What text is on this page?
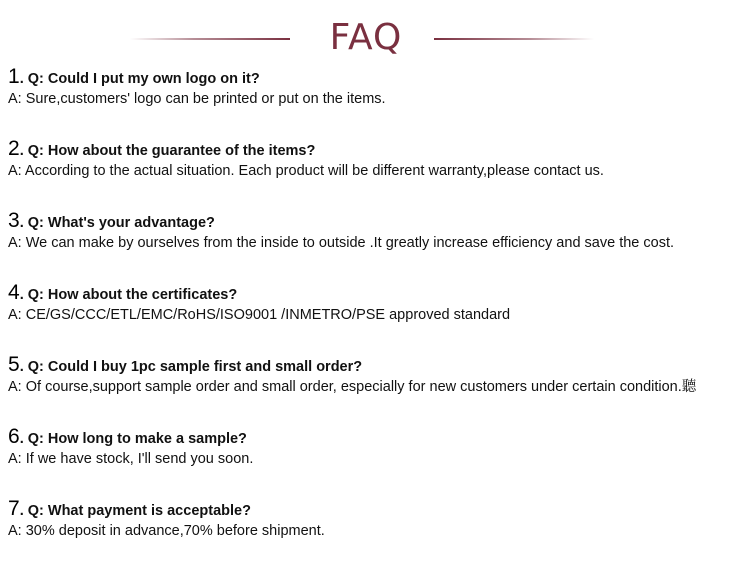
FAQ
1. Q: Could I put my own logo on it?
A: Sure,customers' logo can be printed or put on the items.
2. Q: How about the guarantee of the items?
A: According to the actual situation. Each product will be different warranty,please contact us.
3. Q: What's your advantage?
A: We can make by ourselves from the inside to outside .It greatly increase efficiency and save the cost.
4. Q: How about the certificates?
A: CE/GS/CCC/ETL/EMC/RoHS/ISO9001 /INMETRO/PSE approved standard
5. Q: Could I buy 1pc sample first and small order?
A: Of course,support sample order and small order, especially for new customers under certain condition.聽
6. Q: How long to make a sample?
A: If we have stock, I'll send you soon.
7. Q: What payment is acceptable?
A: 30% deposit in advance,70% before shipment.
